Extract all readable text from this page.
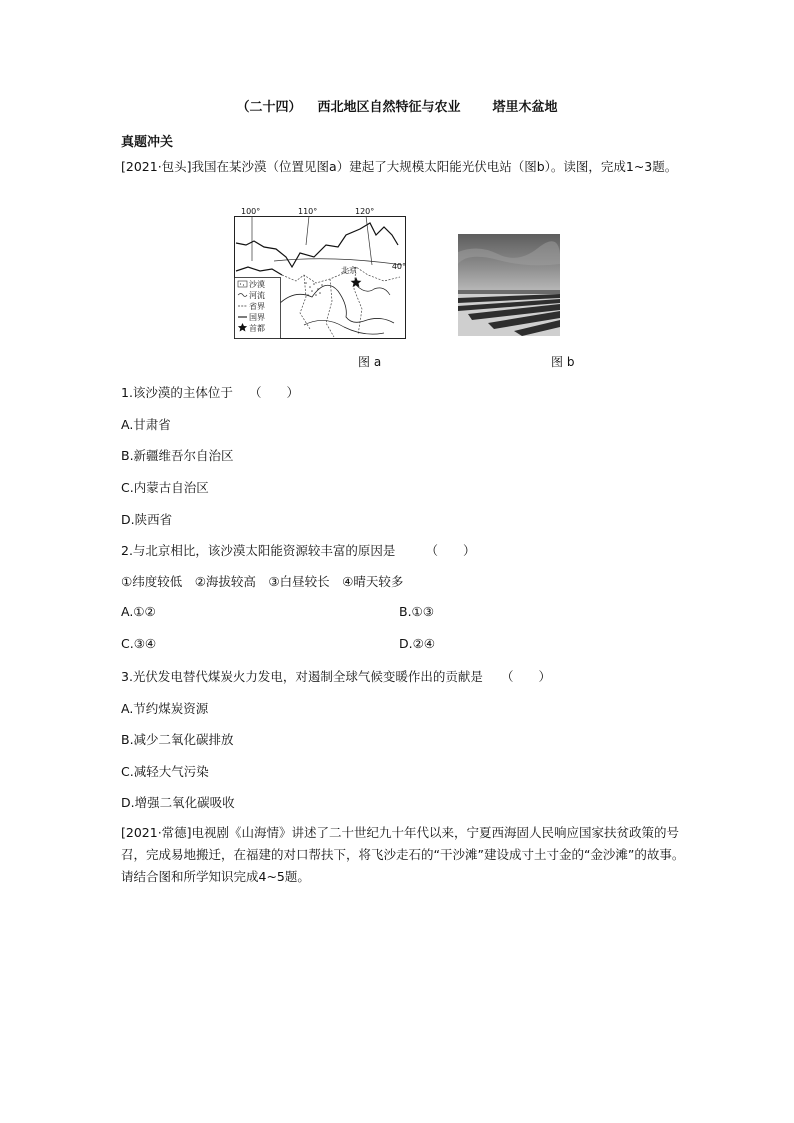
（二十四） 西北地区自然特征与农业 塔里木盆地
真题冲关
[2021·包头]我国在某沙漠（位置见图a）建起了大规模太阳能光伏电站（图b）。读图，完成1~3题。
沙漠
河流
省界
国界
首都
100°	110°	120°
北京	40°
图 a	图 b
1.该沙漠的主体位于 （　　）
A.甘肃省
B.新疆维吾尔自治区
C.内蒙古自治区
D.陕西省
2.与北京相比，该沙漠太阳能资源较丰富的原因是 （　　）
①纬度较低　②海拔较高　③白昼较长　④晴天较多
A.①②	B.①③
C.③④	D.②④
3.光伏发电替代煤炭火力发电，对遏制全球气候变暖作出的贡献是 （　　）
A.节约煤炭资源
B.减少二氧化碳排放
C.减轻大气污染
D.增强二氧化碳吸收
[2021·常德]电视剧《山海情》讲述了二十世纪九十年代以来，宁夏西海固人民响应国家扶贫政策的号召，完成易地搬迁，在福建的对口帮扶下，将飞沙走石的“干沙滩”建设成寸土寸金的“金沙滩”的故事。请结合图和所学知识完成4~5题。
